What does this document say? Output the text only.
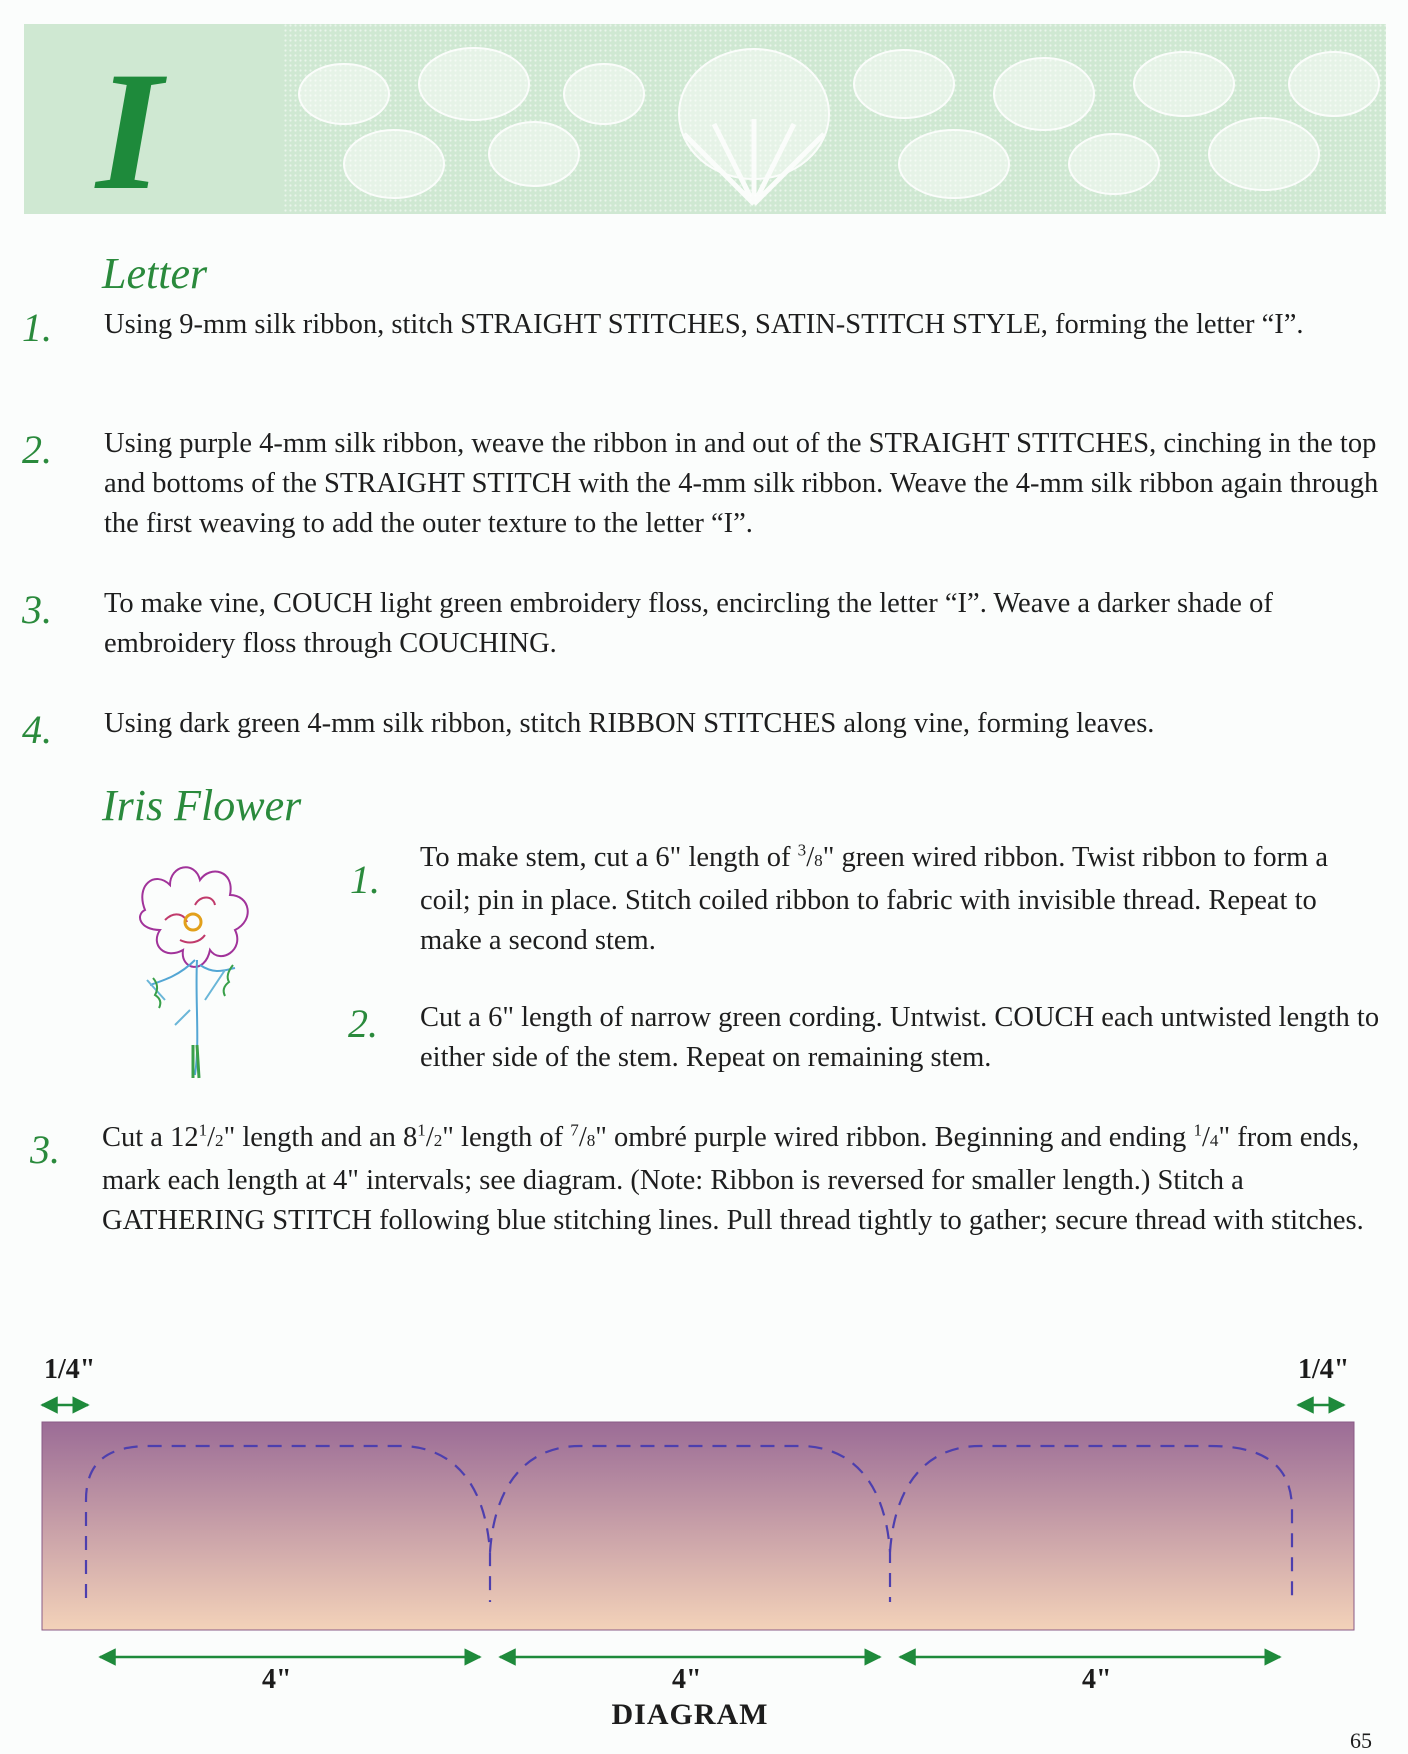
I
Letter
1. Using 9-mm silk ribbon, stitch STRAIGHT STITCHES, SATIN-STITCH STYLE, forming the letter “I”.
2. Using purple 4-mm silk ribbon, weave the ribbon in and out of the STRAIGHT STITCHES, cinching in the top and bottoms of the STRAIGHT STITCH with the 4-mm silk ribbon. Weave the 4-mm silk ribbon again through the first weaving to add the outer texture to the letter “I”.
3. To make vine, COUCH light green embroidery floss, encircling the letter “I”. Weave a darker shade of embroidery floss through COUCHING.
4. Using dark green 4-mm silk ribbon, stitch RIBBON STITCHES along vine, forming leaves.
Iris Flower
1. To make stem, cut a 6" length of $^3$/8" green wired ribbon. Twist ribbon to form a coil; pin in place. Stitch coiled ribbon to fabric with invisible thread. Repeat to make a second stem.
2. Cut a 6" length of narrow green cording. Untwist. COUCH each untwisted length to either side of the stem. Repeat on remaining stem.
3. Cut a $12^1/2$" length and an $8^1/2$" length of $^7$/8" ombré purple wired ribbon. Beginning and ending $^1$/4" from ends, mark each length at 4" intervals; see diagram. (Note: Ribbon is reversed for smaller length.) Stitch a GATHERING STITCH following blue stitching lines. Pull thread tightly to gather; secure thread with stitches.
1/4"	1/4"
4"	4"	4"
DIAGRAM
65
